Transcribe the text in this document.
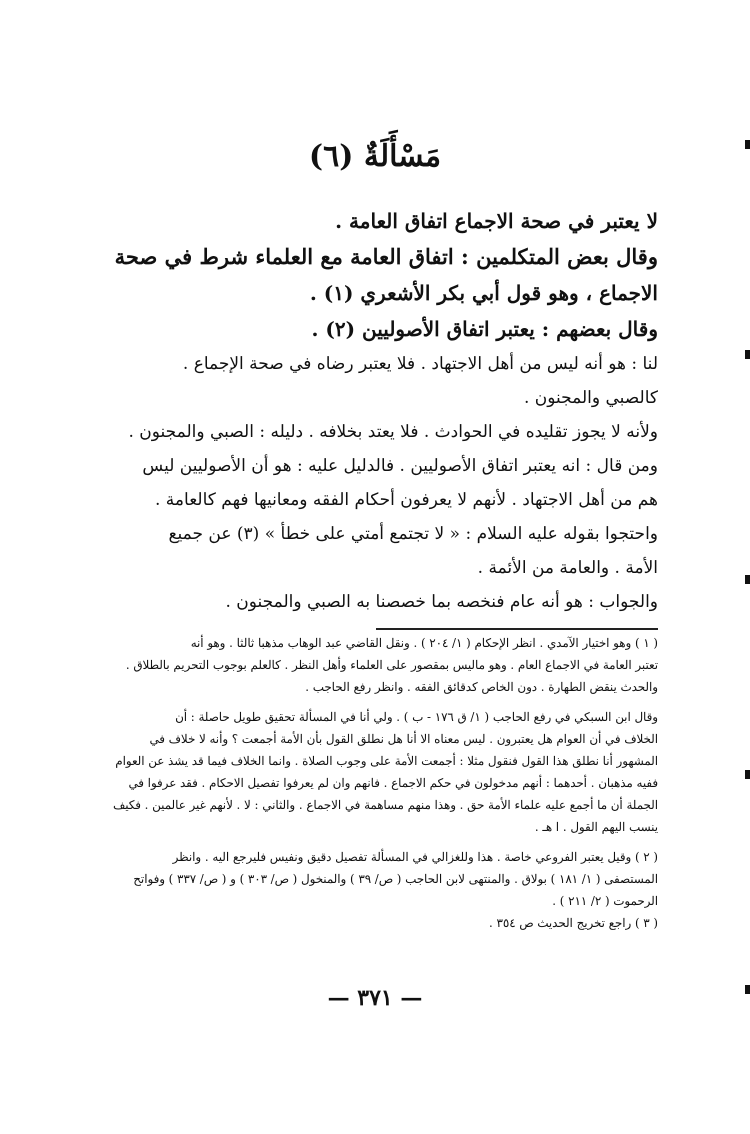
مَسْأَلَةٌ (٦)
لا يعتبر في صحة الاجماع اتفاق العامة .
وقال بعض المتكلمين : اتفاق العامة مع العلماء شرط في صحة
الاجماع ، وهو قول أبي بكر الأشعري (١) .
وقال بعضهم : يعتبر اتفاق الأصوليين (٢) .
لنا : هو أنه ليس من أهل الاجتهاد . فلا يعتبر رضاه في صحة الإجماع .
كالصبي والمجنون .
ولأنه لا يجوز تقليده في الحوادث . فلا يعتد بخلافه . دليله : الصبي والمجنون .
ومن قال : انه يعتبر اتفاق الأصوليين . فالدليل عليه : هو أن الأصوليين ليس
هم من أهل الاجتهاد . لأنهم لا يعرفون أحكام الفقه ومعانيها فهم كالعامة .
واحتجوا بقوله عليه السلام : « لا تجتمع أمتي على خطأ » (٣) عن جميع
الأمة . والعامة من الأئمة .
والجواب : هو أنه عام فنخصه بما خصصنا به الصبي والمجنون .
( ١ ) وهو اختيار الآمدي . انظر الإحكام ( ١/ ٢٠٤ ) . ونقل القاضي عبد الوهاب مذهبا ثالثا . وهو أنه
تعتبر العامة في الاجماع العام . وهو ماليس بمقصور على العلماء وأهل النظر . كالعلم بوجوب التحريم بالطلاق .
والحدث ينقض الطهارة . دون الخاص كدقائق الفقه . وانظر رفع الحاجب .
وقال ابن السبكي في رفع الحاجب ( ١/ ق ١٧٦ - ب ) . ولي أنا في المسألة تحقيق طويل حاصلة : أن
الخلاف في أن العوام هل يعتبرون . ليس معناه الا أنا هل نطلق القول بأن الأمة أجمعت ؟ وأنه لا خلاف في
المشهور أنا نطلق هذا القول فنقول مثلا : أجمعت الأمة على وجوب الصلاة . وانما الخلاف فيما قد يشذ عن العوام
ففيه مذهبان . أحدهما : أنهم مدخولون في حكم الاجماع . فانهم وان لم يعرفوا تفصيل الاحكام . فقد عرفوا في
الجملة أن ما أجمع عليه علماء الأمة حق . وهذا منهم مساهمة في الاجماع . والثاني : لا . لأنهم غير عالمين . فكيف
ينسب اليهم القول . ا هـ .
( ٢ ) وقيل يعتبر الفروعي خاصة . هذا وللغزالي في المسألة تفصيل دقيق ونفيس فليرجع اليه . وانظر
المستصفى ( ١/ ١٨١ ) بولاق . والمنتهى لابن الحاجب ( ص/ ٣٩ ) والمنخول ( ص/ ٣٠٣ ) و ( ص/ ٣٣٧ ) وفواتح
الرحموت ( ٢/ ٢١١ ) .
( ٣ ) راجع تخريج الحديث ص ٣٥٤ .
— ٣٧١ —
